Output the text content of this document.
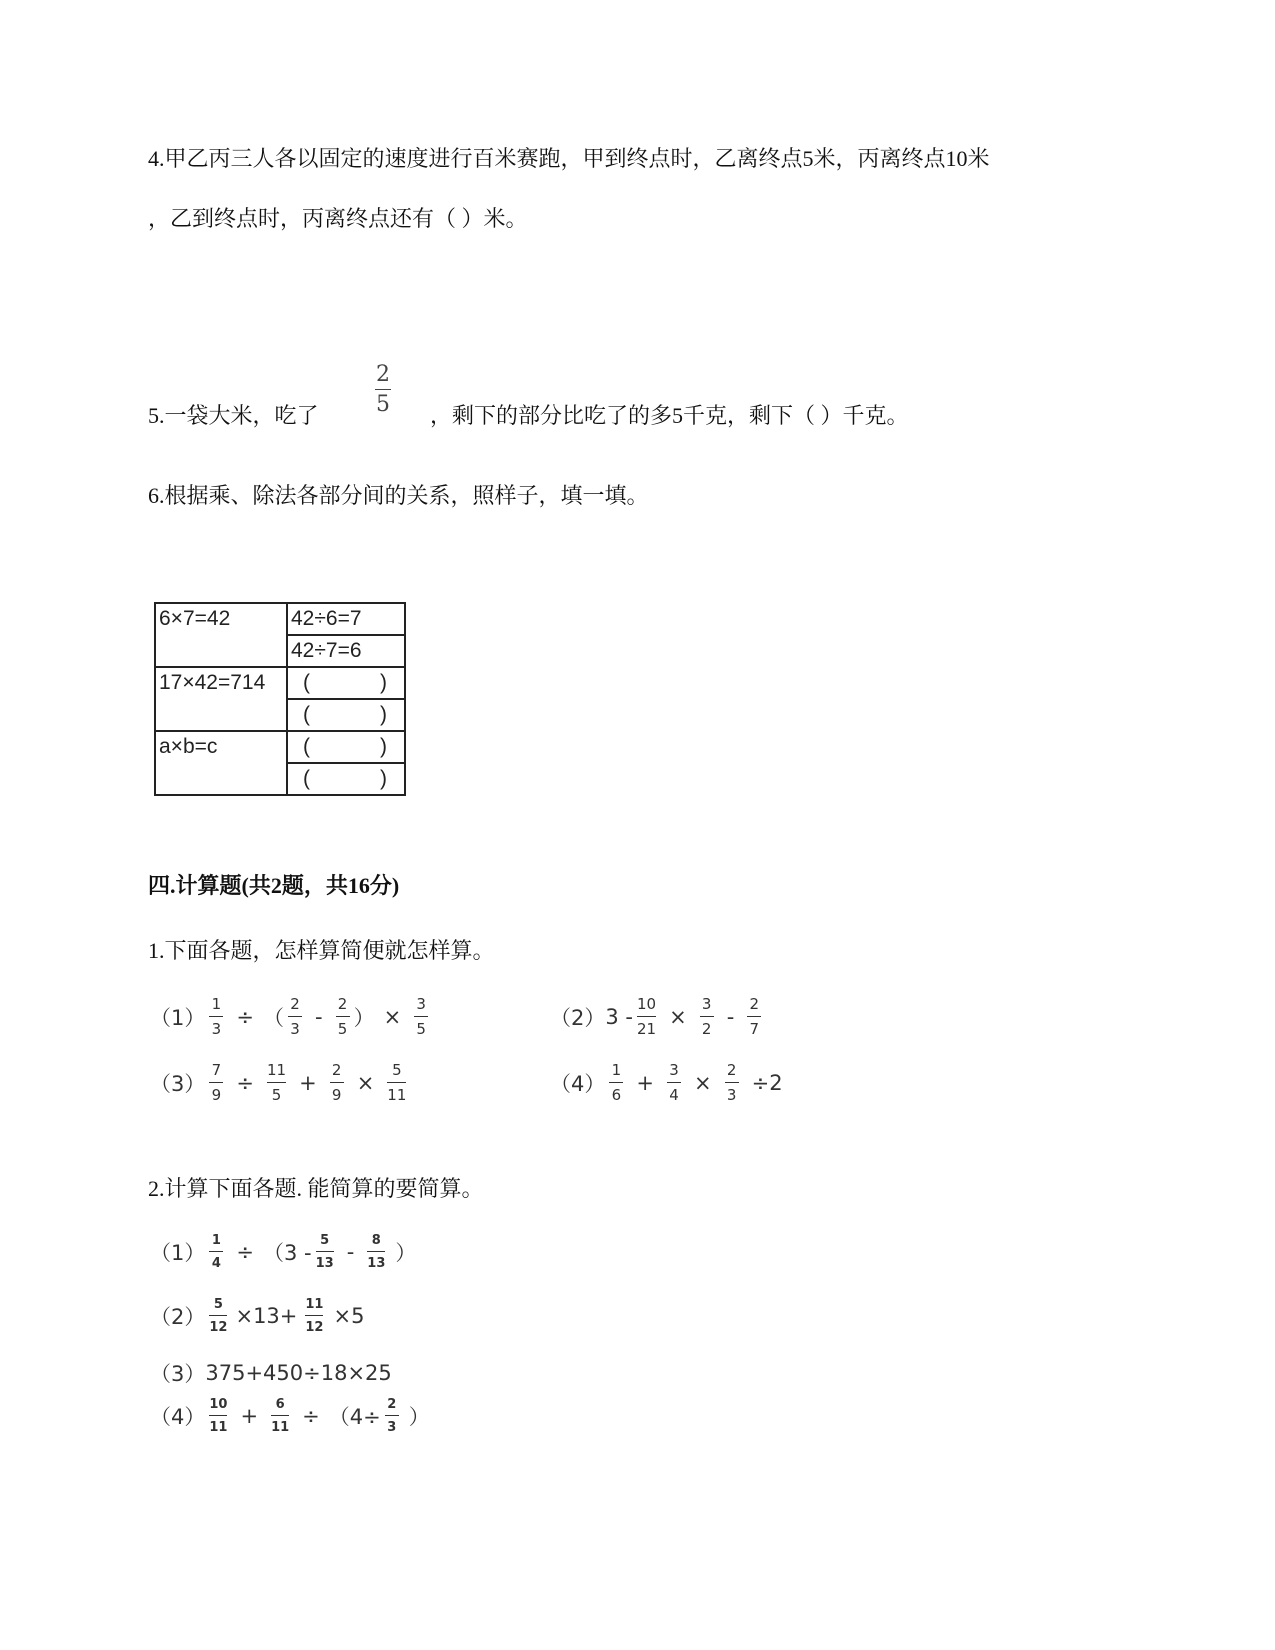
4.甲乙丙三人各以固定的速度进行百米赛跑，甲到终点时，乙离终点5米，丙离终点10米
，乙到终点时，丙离终点还有（ ）米。
5.一袋大米，吃了
2
5 ，剩下的部分比吃了的多5千克，剩下（ ）千克。
6.根据乘、除法各部分间的关系，照样子，填一填。
6×7=42	42÷6=7
	42÷7=6
17×42=714	( )

	( )

a×b=c	( )

	( )
四.计算题(共2题，共16分)
1.下面各题，怎样算简便就怎样算。
$(1) \frac{1}{3}$ ÷ （ $\frac{2}{3} - \frac{2}{5}$ ） × $\frac{3}{5}$	（2） $3 - \frac{10}{21} \times \frac{3}{2} - \frac{2}{7}$
$(3) \frac{7}{9} \div \frac{11}{5} + \frac{2}{9} \times \frac{5}{11}$	$(4) \frac{1}{6} + \frac{3}{4} \times \frac{2}{3} \div 2$
2.计算下面各题. 能简算的要简算。
$(1) \frac{1}{4} \div (3 - \frac{5}{13} - \frac{8}{13}$ ）
$(2) \frac{5}{12} \times 13+ \frac{11}{12} \times 5$
（3） 375+450÷18×25
$(4) \frac{10}{11} + \frac{6}{11} \div (4\div \frac{2}{3}$ ）
